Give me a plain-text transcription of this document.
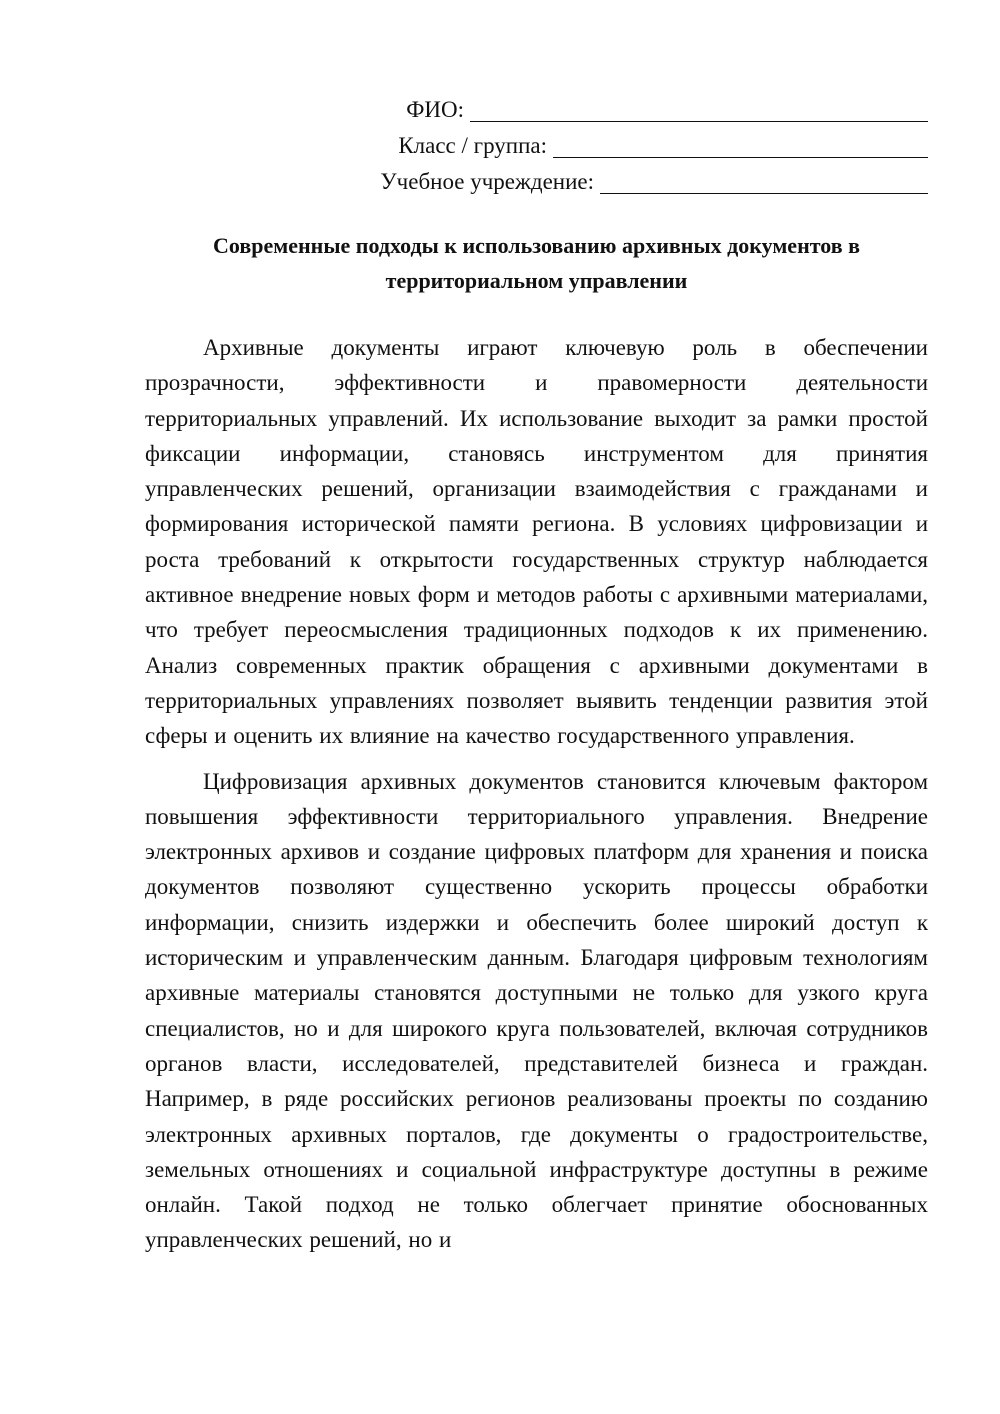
ФИО:
Класс / группа:
Учебное учреждение:
Современные подходы к использованию архивных документов в территориальном управлении

Архивные документы играют ключевую роль в обеспечении прозрачности, эффективности и правомерности деятельности территориальных управлений. Их использование выходит за рамки простой фиксации информации, становясь инструментом для принятия управленческих решений, организации взаимодействия с гражданами и формирования исторической памяти региона. В условиях цифровизации и роста требований к открытости государственных структур наблюдается активное внедрение новых форм и методов работы с архивными материалами, что требует переосмысления традиционных подходов к их применению. Анализ современных практик обращения с архивными документами в территориальных управлениях позволяет выявить тенденции развития этой сферы и оценить их влияние на качество государственного управления.

Цифровизация архивных документов становится ключевым фактором повышения эффективности территориального управления. Внедрение электронных архивов и создание цифровых платформ для хранения и поиска документов позволяют существенно ускорить процессы обработки информации, снизить издержки и обеспечить более широкий доступ к историческим и управленческим данным. Благодаря цифровым технологиям архивные материалы становятся доступными не только для узкого круга специалистов, но и для широкого круга пользователей, включая сотрудников органов власти, исследователей, представителей бизнеса и граждан. Например, в ряде российских регионов реализованы проекты по созданию электронных архивных порталов, где документы о градостроительстве, земельных отношениях и социальной инфраструктуре доступны в режиме онлайн. Такой подход не только облегчает принятие обоснованных управленческих решений, но и
